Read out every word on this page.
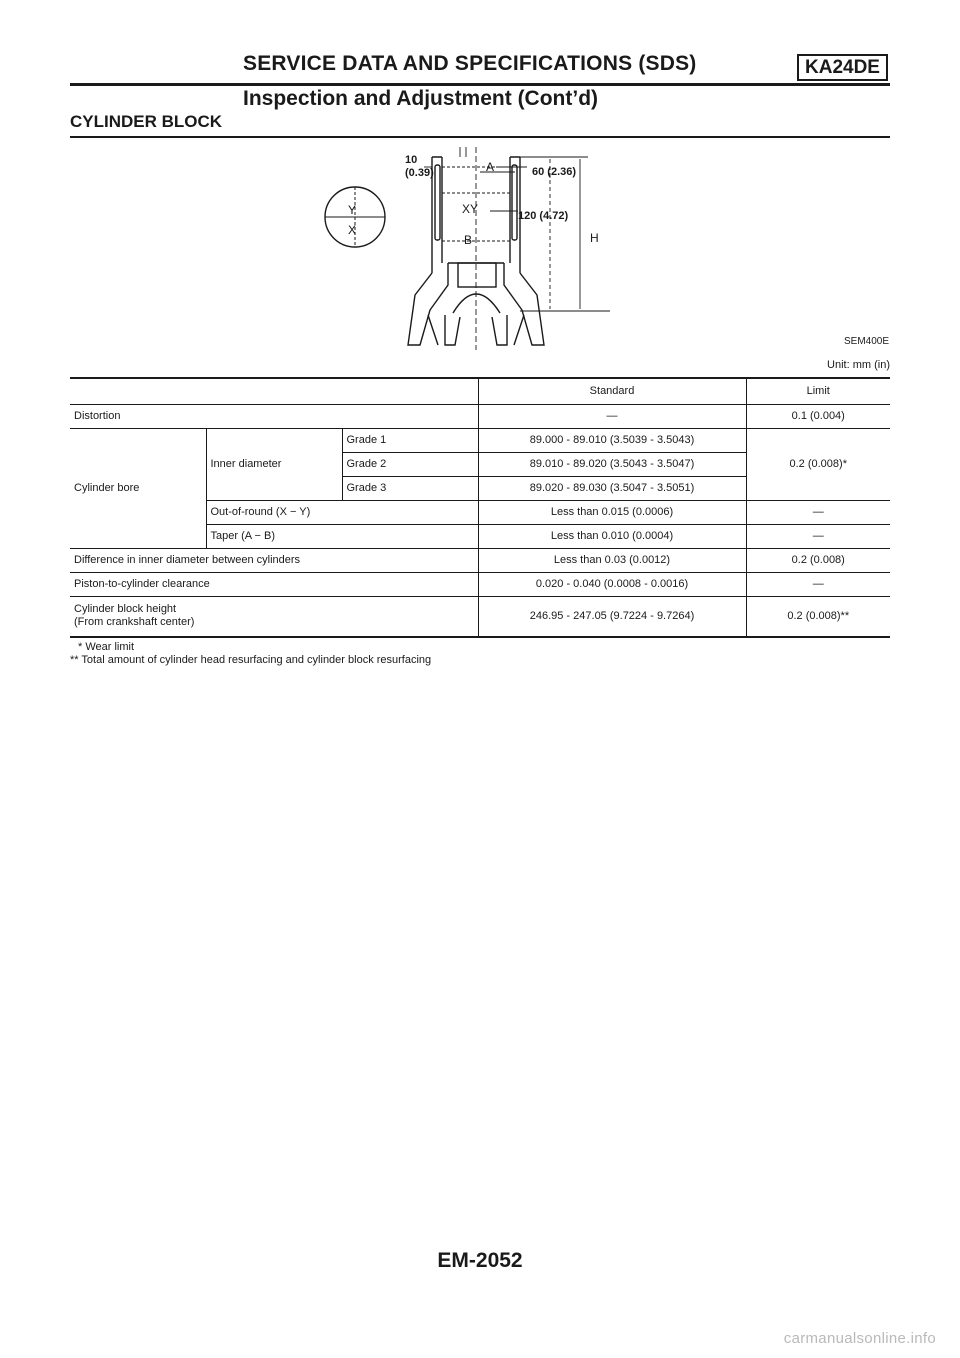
SERVICE DATA AND SPECIFICATIONS (SDS)	KA24DE
Inspection and Adjustment (Cont’d)
CYLINDER BLOCK
10
(0.39)	60 (2.36)
120 (4.72)
A
XY
B	H
Y
X
SEM400E
Unit: mm (in)
			Standard	Limit
Distortion			—	0.1 (0.004)
Cylinder bore	Inner diameter	Grade 1	89.000 - 89.010 (3.5039 - 3.5043)	0.2 (0.008)*
		Grade 2	89.010 - 89.020 (3.5043 - 3.5047)	
		Grade 3	89.020 - 89.030 (3.5047 - 3.5051)	
	Out-of-round (X − Y)		Less than 0.015 (0.0006)	—
	Taper (A − B)		Less than 0.010 (0.0004)	—
Difference in inner diameter between cylinders			Less than 0.03 (0.0012)	0.2 (0.008)
Piston-to-cylinder clearance			0.020 - 0.040 (0.0008 - 0.0016)	—

Cylinder block height
(From crankshaft center)			246.95 - 247.05 (9.7224 - 9.7264)	0.2 (0.008)**
* Wear limit
** Total amount of cylinder head resurfacing and cylinder block resurfacing
EM-2052
carmanualsonline.info
